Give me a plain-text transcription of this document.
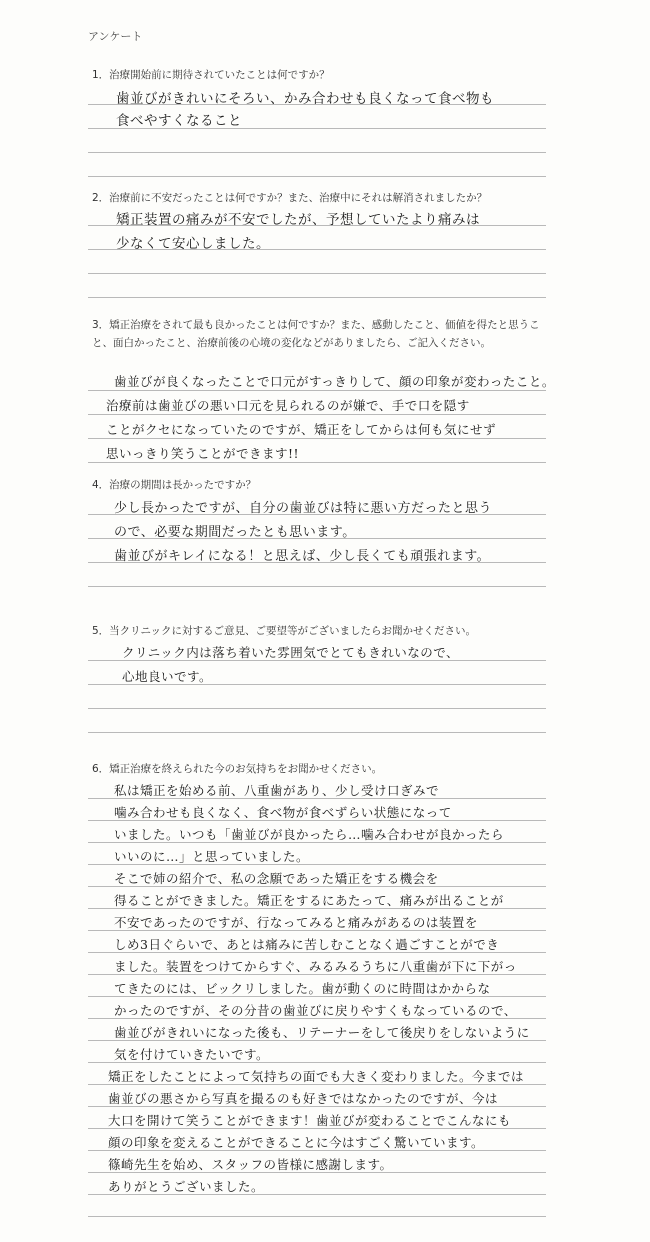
アンケート
1．治療開始前に期待されていたことは何ですか？
歯並びがきれいにそろい、かみ合わせも良くなって食べ物も
食べやすくなること
2．治療前に不安だったことは何ですか？また、治療中にそれは解消されましたか？
矯正装置の痛みが不安でしたが、予想していたより痛みは
少なくて安心しました。
3．矯正治療をされて最も良かったことは何ですか？また、感動したこと、価値を得たと思うこと、面白かったこと、治療前後の心境の変化などがありましたら、ご記入ください。
歯並びが良くなったことで口元がすっきりして、顔の印象が変わったこと。
治療前は歯並びの悪い口元を見られるのが嫌で、手で口を隠す
ことがクセになっていたのですが、矯正をしてからは何も気にせず
思いっきり笑うことができます!!
4．治療の期間は長かったですか？
少し長かったですが、自分の歯並びは特に悪い方だったと思う
ので、必要な期間だったとも思います。
歯並びがキレイになる！と思えば、少し長くても頑張れます。
5．当クリニックに対するご意見、ご要望等がございましたらお聞かせください。
クリニック内は落ち着いた雰囲気でとてもきれいなので、
心地良いです。
6．矯正治療を終えられた今のお気持ちをお聞かせください。
私は矯正を始める前、八重歯があり、少し受け口ぎみで
噛み合わせも良くなく、食べ物が食べずらい状態になって
いました。いつも「歯並びが良かったら…噛み合わせが良かったら
いいのに…」と思っていました。
そこで姉の紹介で、私の念願であった矯正をする機会を
得ることができました。矯正をするにあたって、痛みが出ることが
不安であったのですが、行なってみると痛みがあるのは装置を
しめ3日ぐらいで、あとは痛みに苦しむことなく過ごすことができ
ました。装置をつけてからすぐ、みるみるうちに八重歯が下に下がっ
てきたのには、ビックリしました。歯が動くのに時間はかからな
かったのですが、その分昔の歯並びに戻りやすくもなっているので、
歯並びがきれいになった後も、リテーナーをして後戻りをしないように
気を付けていきたいです。
矯正をしたことによって気持ちの面でも大きく変わりました。今までは
歯並びの悪さから写真を撮るのも好きではなかったのですが、今は
大口を開けて笑うことができます！歯並びが変わることでこんなにも
顔の印象を変えることができることに今はすごく驚いています。
篠崎先生を始め、スタッフの皆様に感謝します。
ありがとうございました。
